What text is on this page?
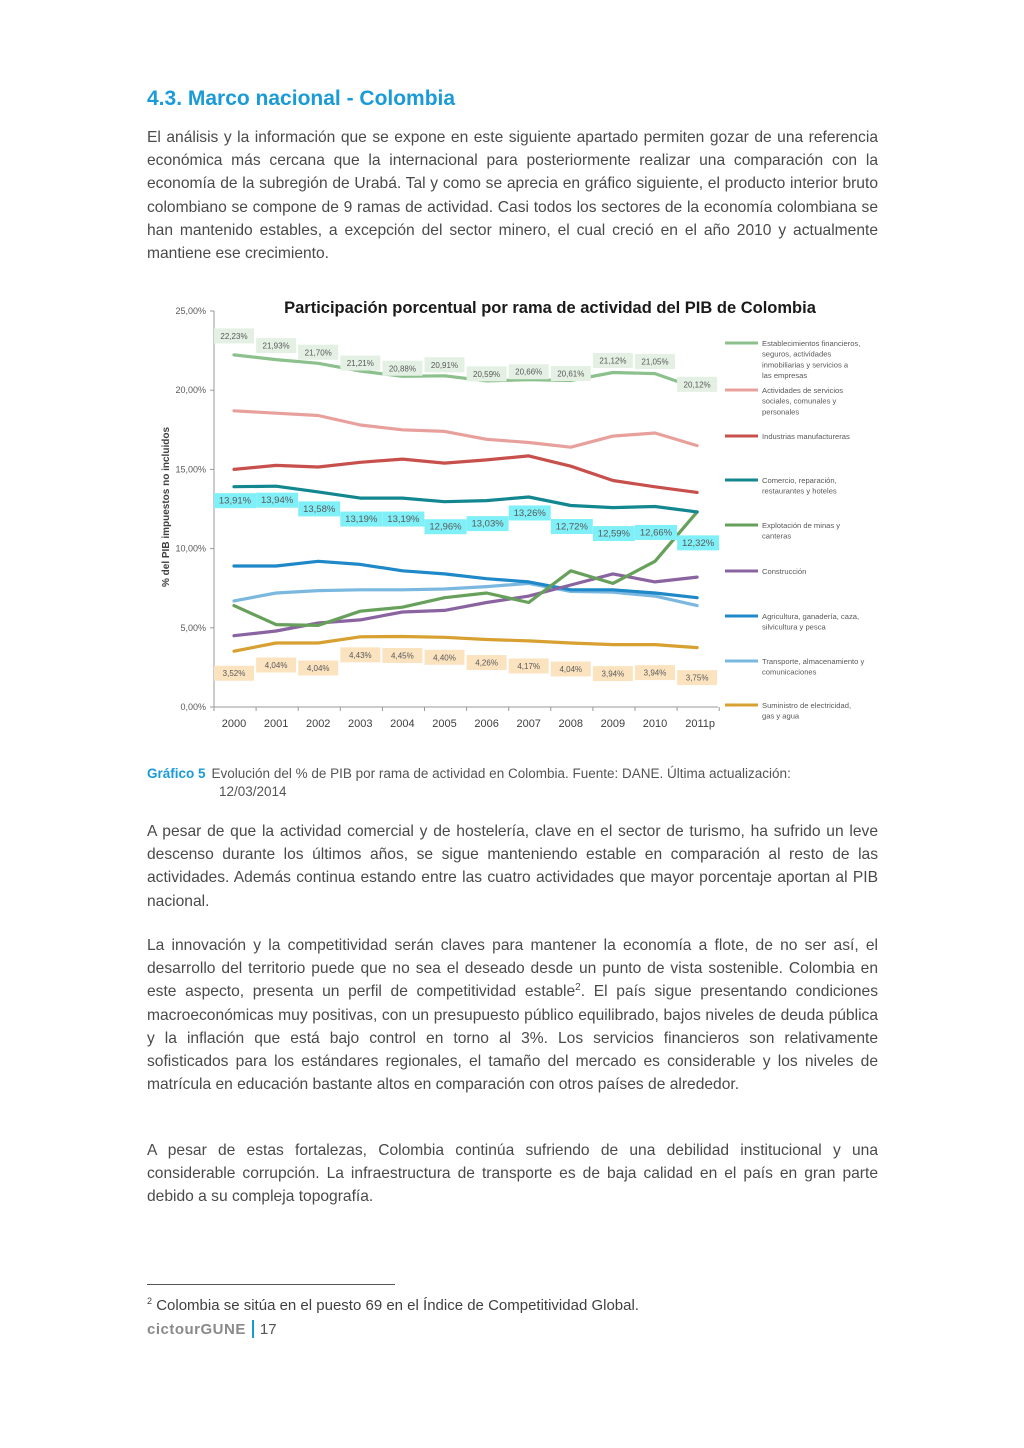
4.3. Marco nacional - Colombia
El análisis y la información que se expone en este siguiente apartado permiten gozar de una referencia económica más cercana que la internacional para posteriormente realizar una comparación con la economía de la subregión de Urabá. Tal y como se aprecia en gráfico siguiente, el producto interior bruto colombiano se compone de 9 ramas de actividad. Casi todos los sectores de la economía colombiana se han mantenido estables, a excepción del sector minero, el cual creció en el año 2010 y actualmente mantiene ese crecimiento.
Participación porcentual por rama de actividad del PIB de Colombia
0,00%
5,00%
10,00%
15,00%
20,00%
25,00%
% del PIB impuestos no incluidos
2000 2001 2002 2003 2004 2005 2006 2007 2008 2009 2010 2011p
22,23%
21,93%
21,70%
21,21%
20,88% 20,91%
20,59% 20,66% 20,61%
21,12% 21,05%
20,12%
13,91% 13,94%
13,58%
13,19% 13,19%
12,96% 13,03%
13,26%
12,72%
12,59% 12,66%
12,32%
3,52%
4,04% 4,04%
4,43% 4,45% 4,40%
4,26% 4,17% 4,04%
3,94% 3,94%
3,75%
Establecimientos financieros,
seguros, actividades
inmobiliarias y servicios a
las empresas
Actividades de servicios
sociales, comunales y
personales
Industrias manufactureras
Comercio, reparación,
restaurantes y hoteles
Explotación de minas y
canteras
Construcción
Agricultura, ganadería, caza,
silvicultura y pesca
Transporte, almacenamiento y
comunicaciones
Suministro de electricidad,
gas y agua
Gráfico 5 Evolución del % de PIB por rama de actividad en Colombia. Fuente: DANE. Última actualización:
12/03/2014
A pesar de que la actividad comercial y de hostelería, clave en el sector de turismo, ha sufrido un leve descenso durante los últimos años, se sigue manteniendo estable en comparación al resto de las actividades. Además continua estando entre las cuatro actividades que mayor porcentaje aportan al PIB nacional.
La innovación y la competitividad serán claves para mantener la economía a flote, de no ser así, el desarrollo del territorio puede que no sea el deseado desde un punto de vista sostenible. Colombia en este aspecto, presenta un perfil de competitividad estable$^2$. El país sigue presentando condiciones macroeconómicas muy positivas, con un presupuesto público equilibrado, bajos niveles de deuda pública y la inflación que está bajo control en torno al 3%. Los servicios financieros son relativamente sofisticados para los estándares regionales, el tamaño del mercado es considerable y los niveles de matrícula en educación bastante altos en comparación con otros países de alrededor.
A pesar de estas fortalezas, Colombia continúa sufriendo de una debilidad institucional y una considerable corrupción. La infraestructura de transporte es de baja calidad en el país en gran parte debido a su compleja topografía.
$^2$ Colombia se sitúa en el puesto 69 en el Índice de Competitividad Global.
cictourGUNE 17
